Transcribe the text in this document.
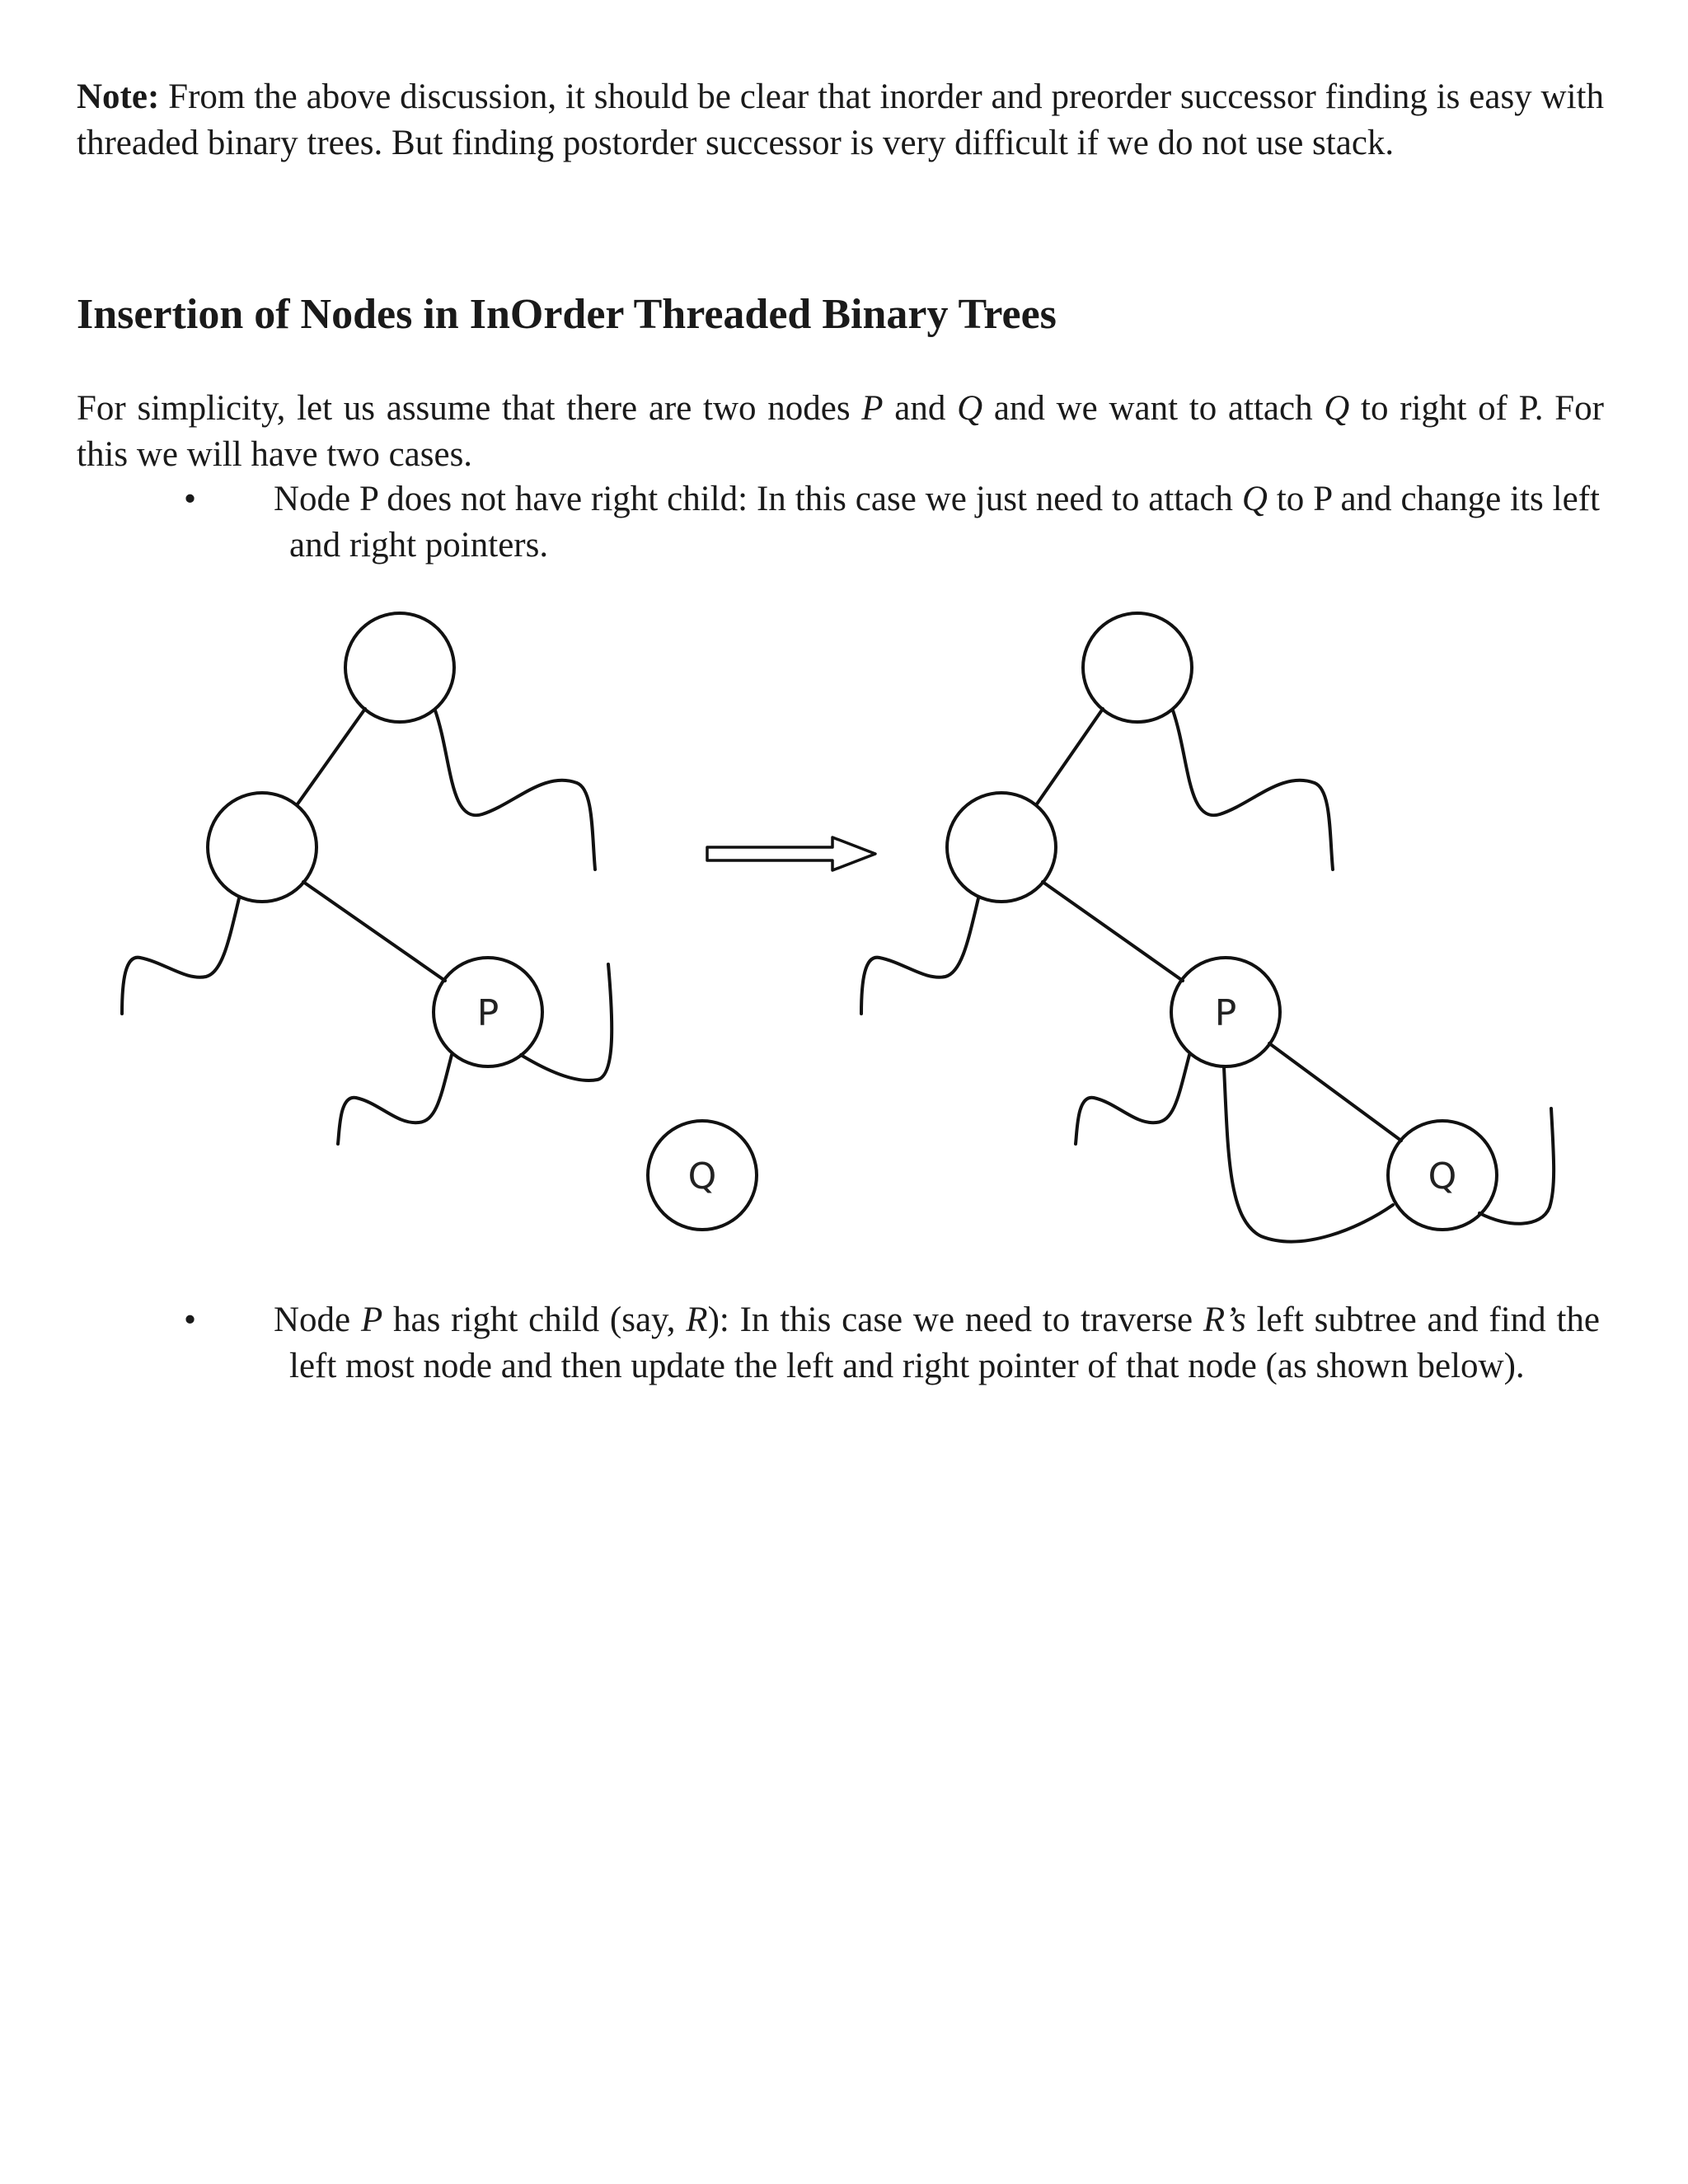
Note: From the above discussion, it should be clear that inorder and preorder successor finding is easy with threaded binary trees. But finding postorder successor is very difficult if we do not use stack.

Insertion of Nodes in InOrder Threaded Binary Trees

For simplicity, let us assume that there are two nodes P and Q and we want to attach Q to right of P. For this we will have two cases.

•	Node P does not have right child: In this case we just need to attach Q to P and change its left and right pointers.
P
Q
P
Q
•	Node P has right child (say, R): In this case we need to traverse R’s left subtree and find the left most node and then update the left and right pointer of that node (as shown below).
